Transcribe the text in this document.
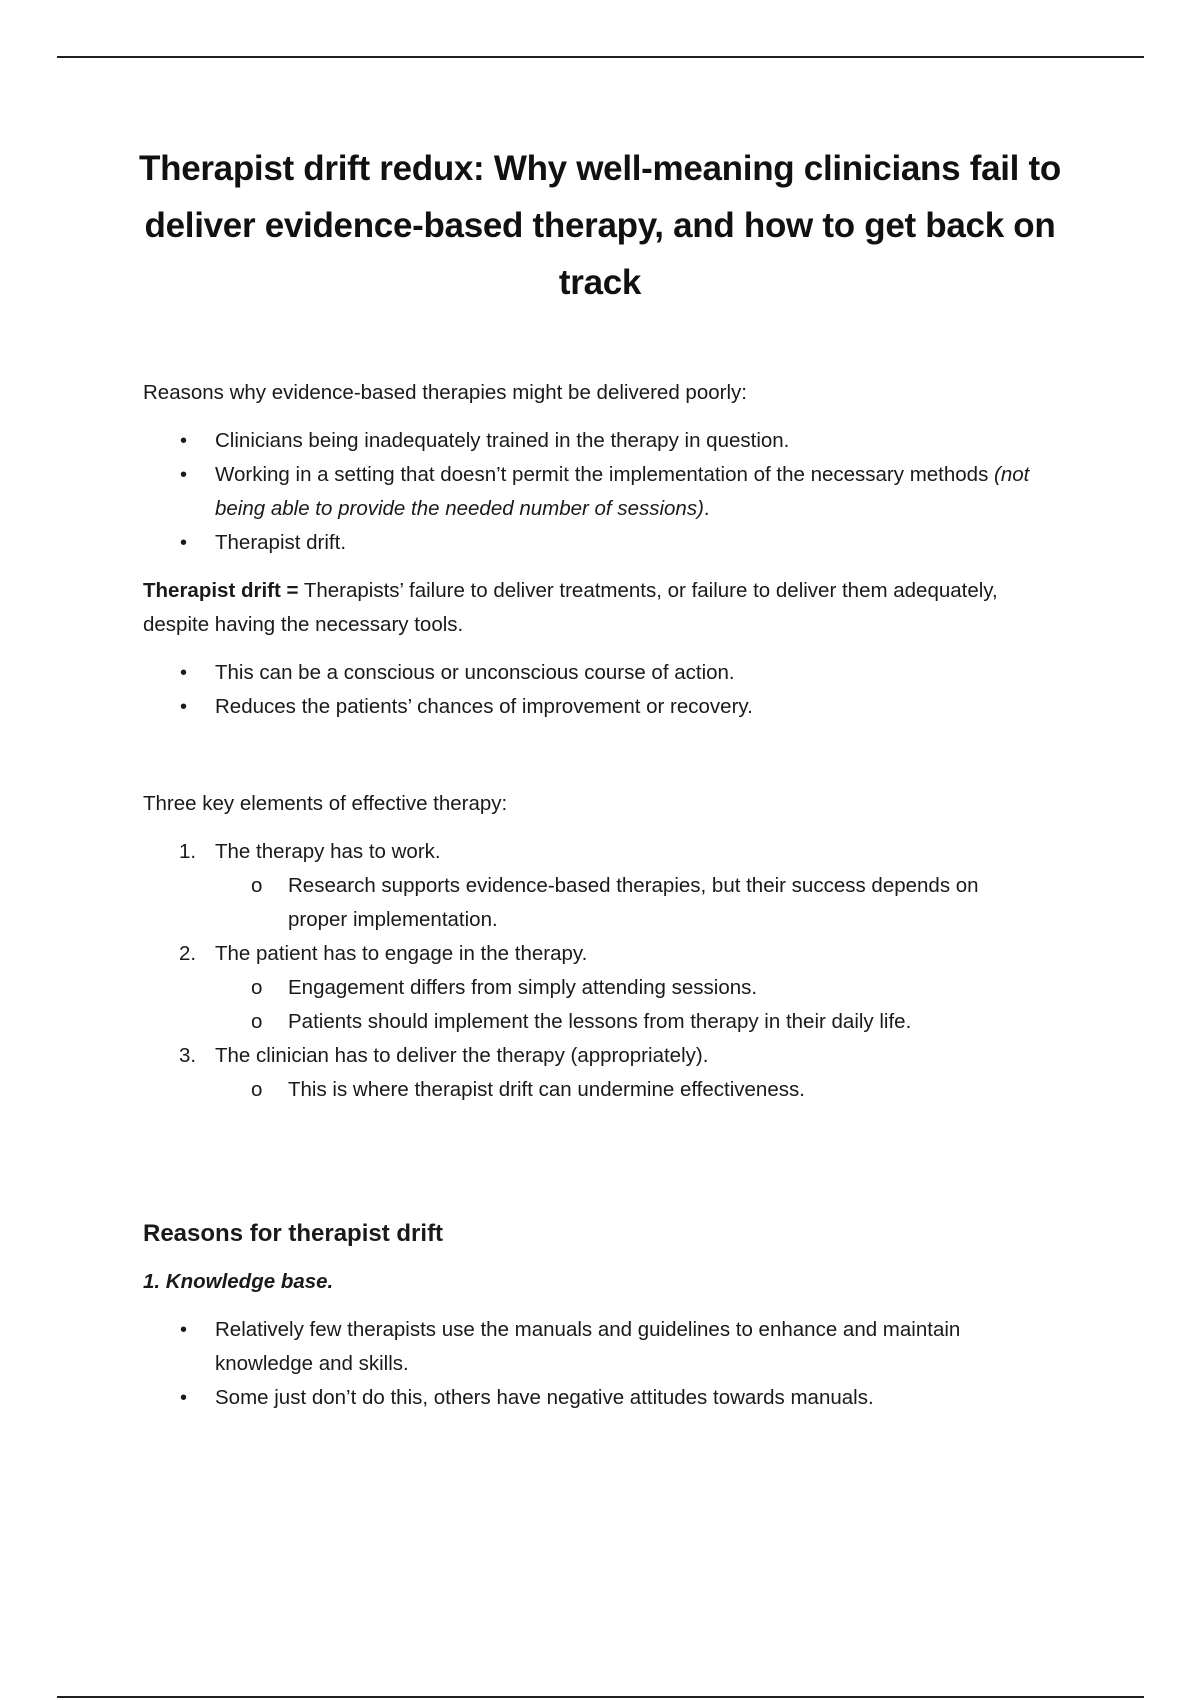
Therapist drift redux: Why well-meaning clinicians fail to deliver evidence-based therapy, and how to get back on track

Reasons why evidence-based therapies might be delivered poorly:

• Clinicians being inadequately trained in the therapy in question.
• Working in a setting that doesn’t permit the implementation of the necessary methods (not being able to provide the needed number of sessions).
• Therapist drift.

Therapist drift = Therapists’ failure to deliver treatments, or failure to deliver them adequately, despite having the necessary tools.

• This can be a conscious or unconscious course of action.
• Reduces the patients’ chances of improvement or recovery.

Three key elements of effective therapy:

1. The therapy has to work.
o Research supports evidence-based therapies, but their success depends on proper implementation.
2. The patient has to engage in the therapy.
o Engagement differs from simply attending sessions.
o Patients should implement the lessons from therapy in their daily life.
3. The clinician has to deliver the therapy (appropriately).
o This is where therapist drift can undermine effectiveness.
Reasons for therapist drift

1. Knowledge base.

• Relatively few therapists use the manuals and guidelines to enhance and maintain knowledge and skills.
• Some just don’t do this, others have negative attitudes towards manuals.
